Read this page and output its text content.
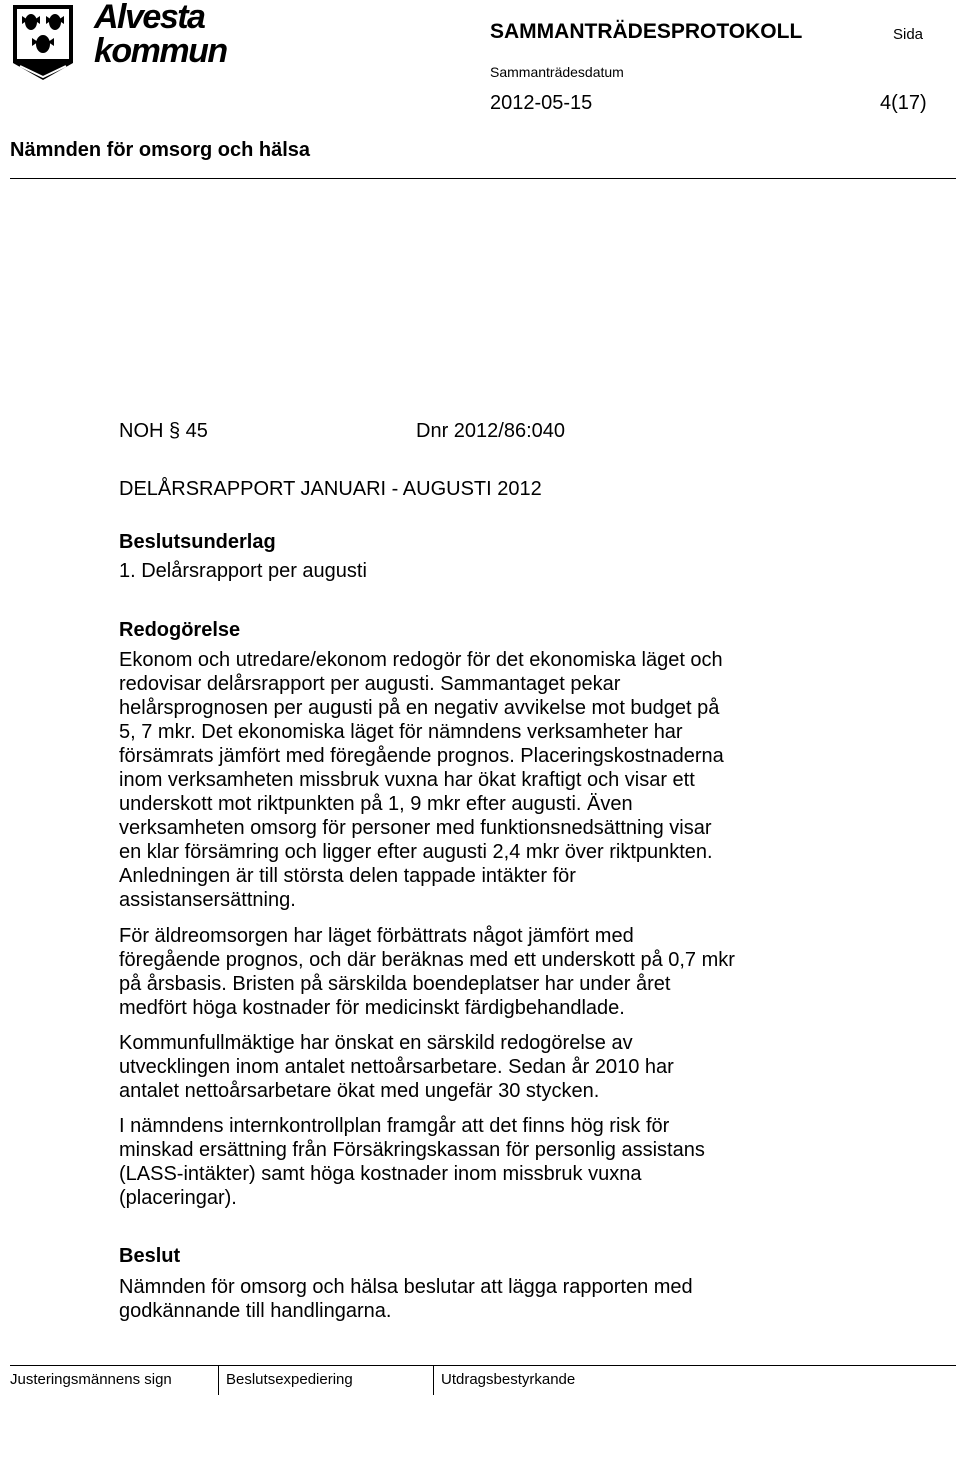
Alvesta
kommun
SAMMANTRÄDESPROTOKOLL	Sida
Sammanträdesdatum
2012-05-15	4(17)
Nämnden för omsorg och hälsa
NOH § 45	Dnr 2012/86:040
DELÅRSRAPPORT JANUARI - AUGUSTI 2012
Beslutsunderlag
1. Delårsrapport per augusti
Redogörelse
Ekonom och utredare/ekonom redogör för det ekonomiska läget och
redovisar delårsrapport per augusti. Sammantaget pekar
helårsprognosen per augusti på en negativ avvikelse mot budget på
5, 7 mkr. Det ekonomiska läget för nämndens verksamheter har
försämrats jämfört med föregående prognos. Placeringskostnaderna
inom verksamheten missbruk vuxna har ökat kraftigt och visar ett
underskott mot riktpunkten på 1, 9 mkr efter augusti. Även
verksamheten omsorg för personer med funktionsnedsättning visar
en klar försämring och ligger efter augusti 2,4 mkr över riktpunkten.
Anledningen är till största delen tappade intäkter för
assistansersättning.
För äldreomsorgen har läget förbättrats något jämfört med
föregående prognos, och där beräknas med ett underskott på 0,7 mkr
på årsbasis. Bristen på särskilda boendeplatser har under året
medfört höga kostnader för medicinskt färdigbehandlade.
Kommunfullmäktige har önskat en särskild redogörelse av
utvecklingen inom antalet nettoårsarbetare. Sedan år 2010 har
antalet nettoårsarbetare ökat med ungefär 30 stycken.
I nämndens internkontrollplan framgår att det finns hög risk för
minskad ersättning från Försäkringskassan för personlig assistans
(LASS-intäkter) samt höga kostnader inom missbruk vuxna
(placeringar).
Beslut
Nämnden för omsorg och hälsa beslutar att lägga rapporten med
godkännande till handlingarna.
Justeringsmännens sign	Beslutsexpediering	Utdragsbestyrkande
